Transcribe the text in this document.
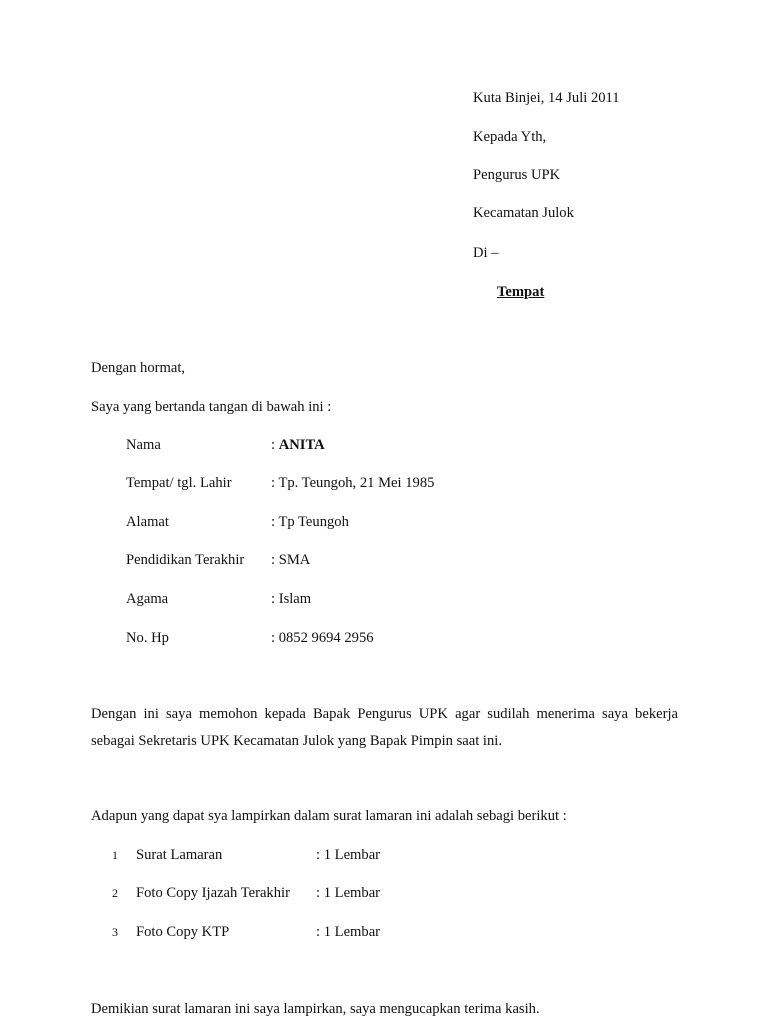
Kuta Binjei, 14 Juli 2011
Kepada Yth,
Pengurus UPK
Kecamatan Julok
Di –
Tempat
Dengan hormat,
Saya yang bertanda tangan di bawah ini :
Nama	: ANITA
Tempat/ tgl. Lahir	: Tp. Teungoh, 21 Mei 1985
Alamat	: Tp Teungoh
Pendidikan Terakhir : SMA
Agama	: Islam
No. Hp	: 0852 9694 2956
Dengan ini saya memohon kepada Bapak Pengurus UPK agar sudilah menerima saya bekerja sebagai Sekretaris UPK Kecamatan Julok yang Bapak Pimpin saat ini.
Adapun yang dapat sya lampirkan dalam surat lamaran ini adalah sebagi berikut :
1 Surat Lamaran	: 1 Lembar
2 Foto Copy Ijazah Terakhir : 1 Lembar
3 Foto Copy KTP	: 1 Lembar
Demikian surat lamaran ini saya lampirkan, saya mengucapkan terima kasih.
